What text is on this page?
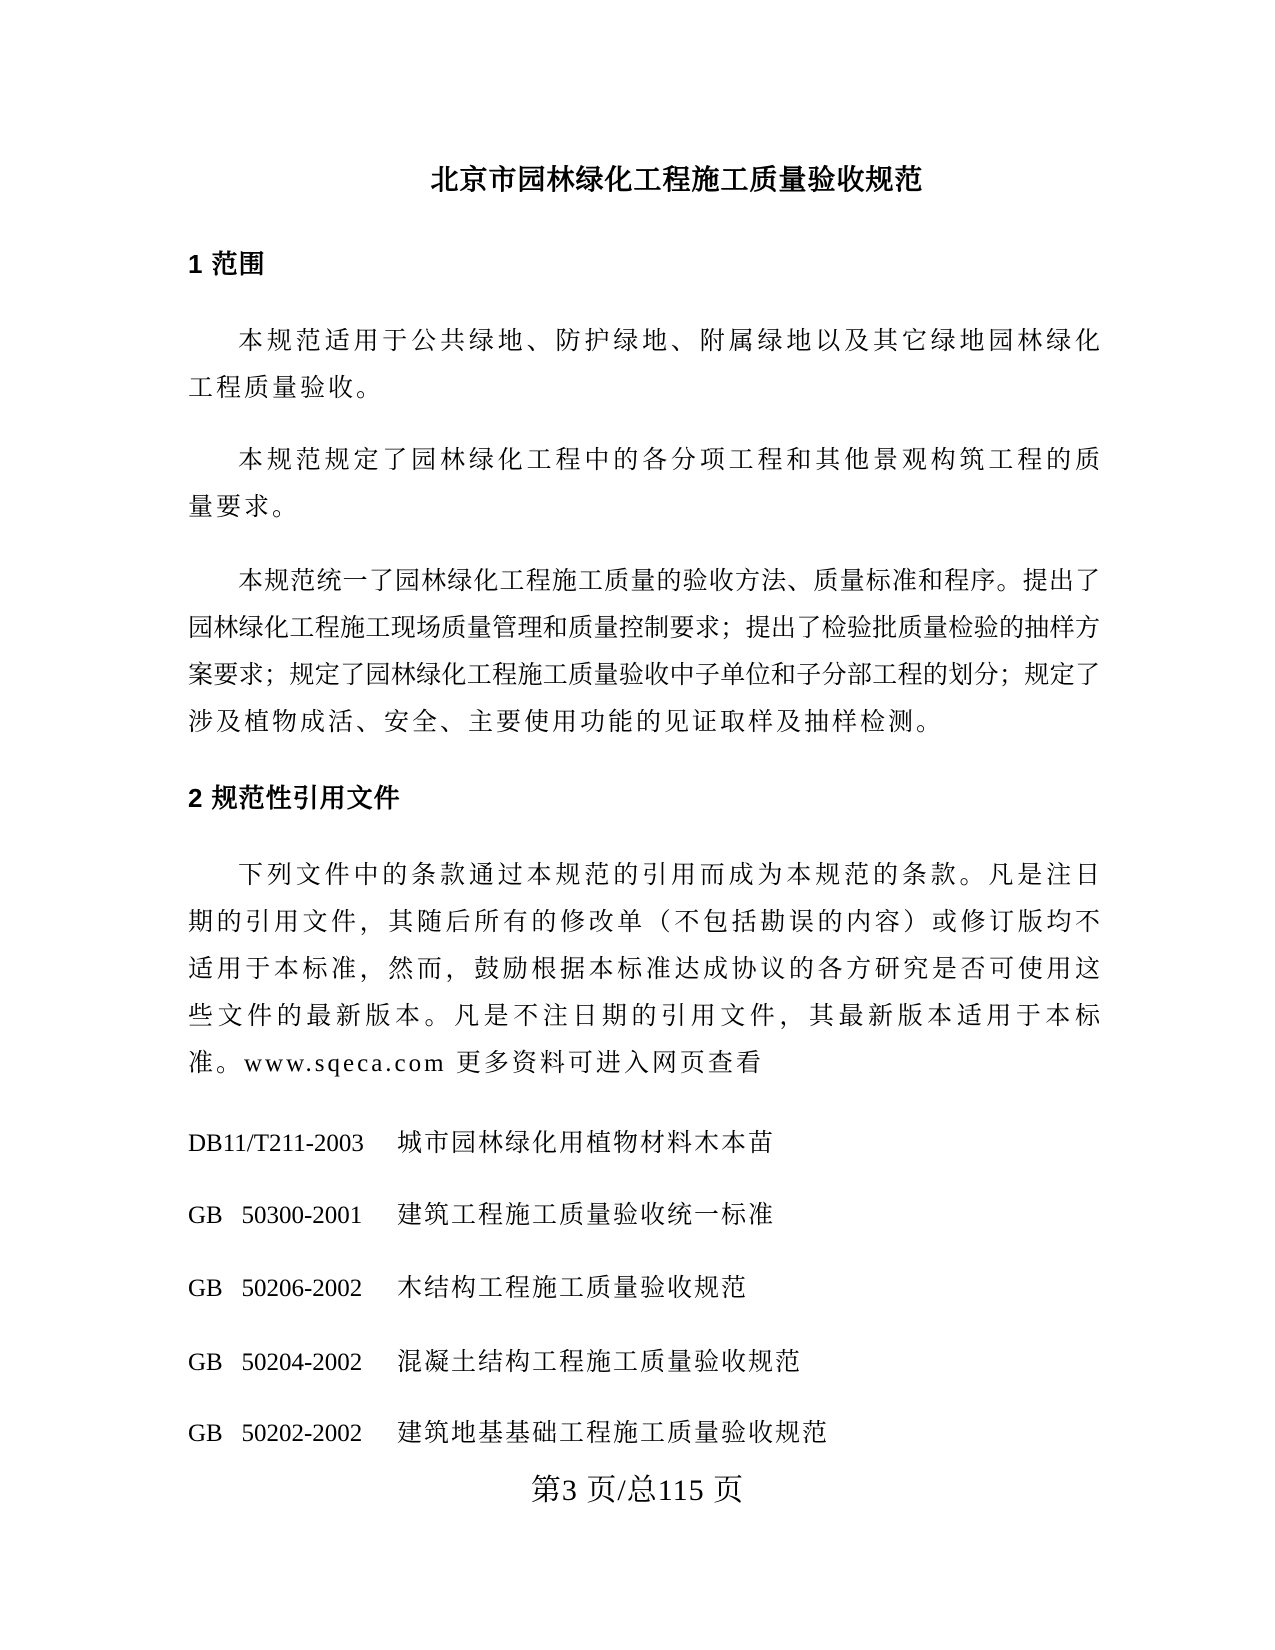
北京市园林绿化工程施工质量验收规范
1 范围
本规范适用于公共绿地、防护绿地、附属绿地以及其它绿地园林绿化
工程质量验收。
本规范规定了园林绿化工程中的各分项工程和其他景观构筑工程的质
量要求。
本规范统一了园林绿化工程施工质量的验收方法、质量标准和程序。提出了
园林绿化工程施工现场质量管理和质量控制要求；提出了检验批质量检验的抽样方
案要求；规定了园林绿化工程施工质量验收中子单位和子分部工程的划分；规定了
涉及植物成活、安全、主要使用功能的见证取样及抽样检测。
2 规范性引用文件
下列文件中的条款通过本规范的引用而成为本规范的条款。凡是注日
期的引用文件，其随后所有的修改单（不包括勘误的内容）或修订版均不
适用于本标准，然而，鼓励根据本标准达成协议的各方研究是否可使用这
些文件的最新版本。凡是不注日期的引用文件，其最新版本适用于本标
准。www.sqeca.com 更多资料可进入网页查看
DB11/T211-2003 城市园林绿化用植物材料木本苗
GB   50300-2001 建筑工程施工质量验收统一标准
GB   50206-2002 木结构工程施工质量验收规范
GB   50204-2002 混凝土结构工程施工质量验收规范
GB   50202-2002 建筑地基基础工程施工质量验收规范
第3 页/总115 页
